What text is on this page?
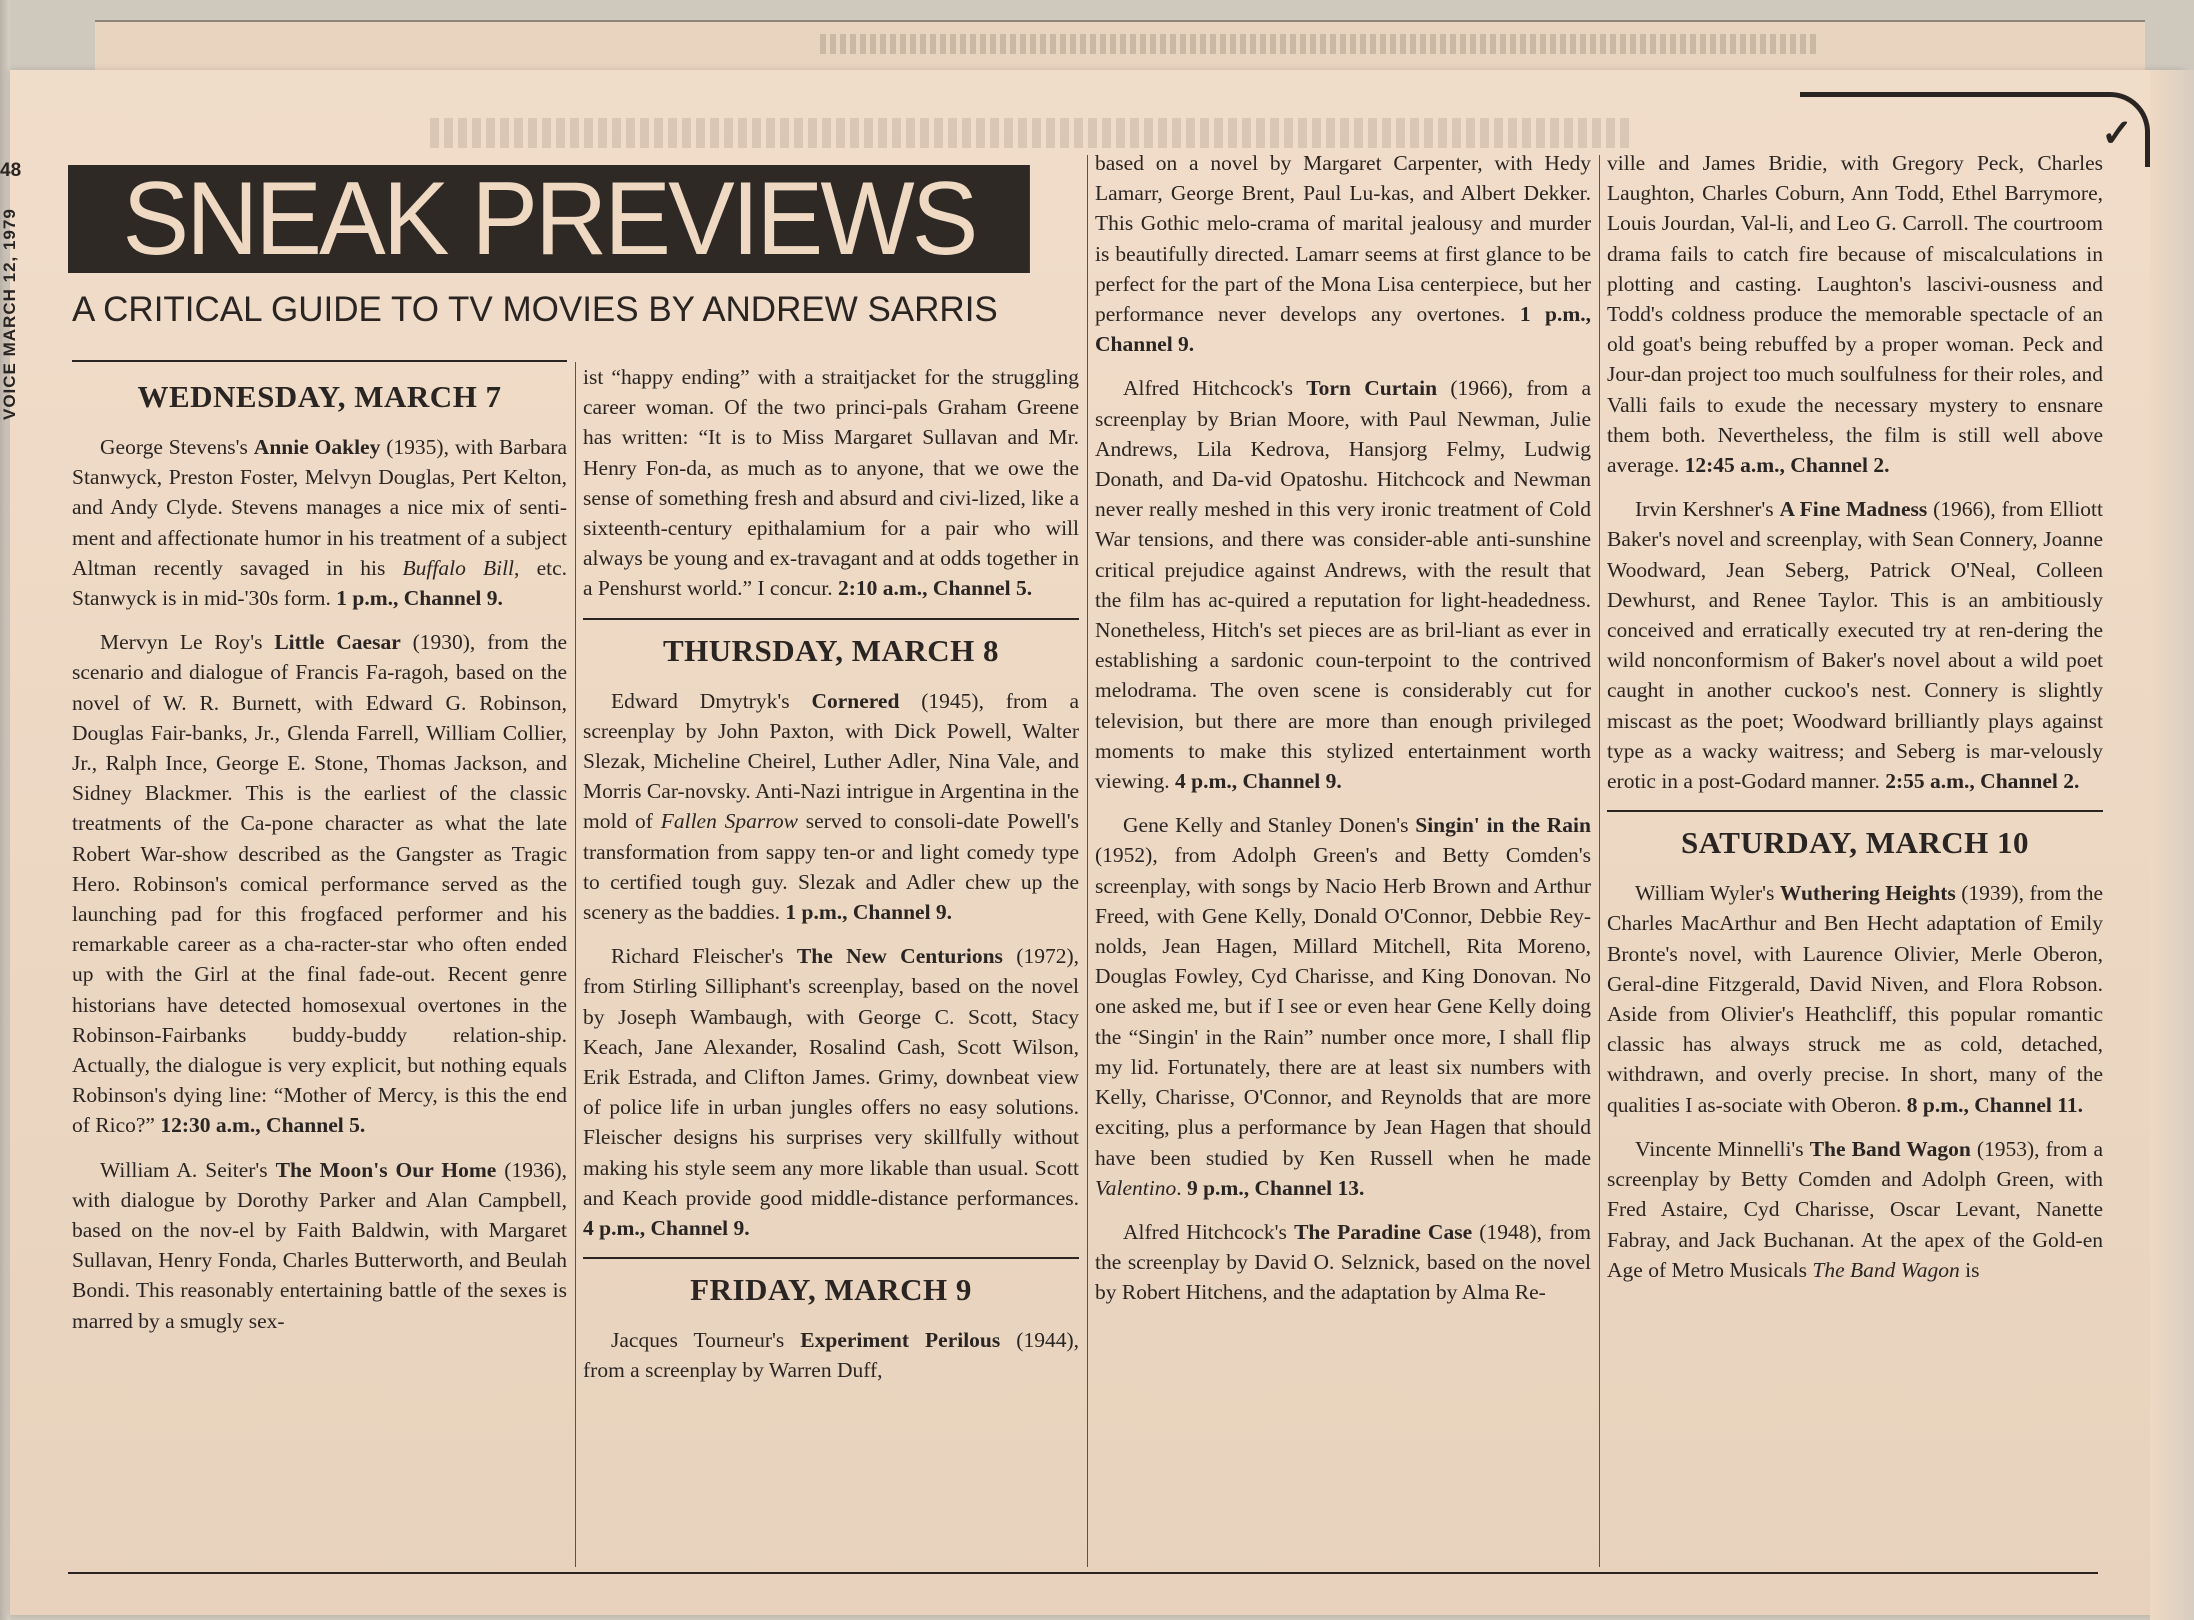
✓
48
VOICE MARCH 12, 1979 SNEAK PREVIEWS
A CRITICAL GUIDE TO TV MOVIES BY ANDREW SARRIS
WEDNESDAY, MARCH 7

George Stevens's Annie Oakley (1935), with Barbara Stanwyck, Preston Foster, Melvyn Douglas, Pert Kelton, and Andy Clyde. Stevens manages a nice mix of senti-ment and affectionate humor in his treatment of a subject Altman recently savaged in his Buffalo Bill, etc. Stanwyck is in mid-'30s form. 1 p.m., Channel 9.

Mervyn Le Roy's Little Caesar (1930), from the scenario and dialogue of Francis Fa-ragoh, based on the novel of W. R. Burnett, with Edward G. Robinson, Douglas Fair-banks, Jr., Glenda Farrell, William Collier, Jr., Ralph Ince, George E. Stone, Thomas Jackson, and Sidney Blackmer. This is the earliest of the classic treatments of the Ca-pone character as what the late Robert War-show described as the Gangster as Tragic Hero. Robinson's comical performance served as the launching pad for this frogfaced performer and his remarkable career as a cha-racter-star who often ended up with the Girl at the final fade-out. Recent genre historians have detected homosexual overtones in the Robinson-Fairbanks buddy-buddy relation-ship. Actually, the dialogue is very explicit, but nothing equals Robinson's dying line: “Mother of Mercy, is this the end of Rico?” 12:30 a.m., Channel 5.

William A. Seiter's The Moon's Our Home (1936), with dialogue by Dorothy Parker and Alan Campbell, based on the nov-el by Faith Baldwin, with Margaret Sullavan, Henry Fonda, Charles Butterworth, and Beulah Bondi. This reasonably entertaining battle of the sexes is marred by a smugly sex-

ist “happy ending” with a straitjacket for the struggling career woman. Of the two princi-pals Graham Greene has written: “It is to Miss Margaret Sullavan and Mr. Henry Fon-da, as much as to anyone, that we owe the sense of something fresh and absurd and civi-lized, like a sixteenth-century epithalamium for a pair who will always be young and ex-travagant and at odds together in a Penshurst world.” I concur. 2:10 a.m., Channel 5.

THURSDAY, MARCH 8

Edward Dmytryk's Cornered (1945), from a screenplay by John Paxton, with Dick Powell, Walter Slezak, Micheline Cheirel, Luther Adler, Nina Vale, and Morris Car-novsky. Anti-Nazi intrigue in Argentina in the mold of Fallen Sparrow served to consoli-date Powell's transformation from sappy ten-or and light comedy type to certified tough guy. Slezak and Adler chew up the scenery as the baddies. 1 p.m., Channel 9.

Richard Fleischer's The New Centurions (1972), from Stirling Silliphant's screenplay, based on the novel by Joseph Wambaugh, with George C. Scott, Stacy Keach, Jane Alexander, Rosalind Cash, Scott Wilson, Erik Estrada, and Clifton James. Grimy, downbeat view of police life in urban jungles offers no easy solutions. Fleischer designs his surprises very skillfully without making his style seem any more likable than usual. Scott and Keach provide good middle-distance performances. 4 p.m., Channel 9.

FRIDAY, MARCH 9

Jacques Tourneur's Experiment Perilous (1944), from a screenplay by Warren Duff,

based on a novel by Margaret Carpenter, with Hedy Lamarr, George Brent, Paul Lu-kas, and Albert Dekker. This Gothic melo-crama of marital jealousy and murder is beautifully directed. Lamarr seems at first glance to be perfect for the part of the Mona Lisa centerpiece, but her performance never develops any overtones. 1 p.m., Channel 9.

Alfred Hitchcock's Torn Curtain (1966), from a screenplay by Brian Moore, with Paul Newman, Julie Andrews, Lila Kedrova, Hansjorg Felmy, Ludwig Donath, and Da-vid Opatoshu. Hitchcock and Newman never really meshed in this very ironic treatment of Cold War tensions, and there was consider-able anti-sunshine critical prejudice against Andrews, with the result that the film has ac-quired a reputation for light-headedness. Nonetheless, Hitch's set pieces are as bril-liant as ever in establishing a sardonic coun-terpoint to the contrived melodrama. The oven scene is considerably cut for television, but there are more than enough privileged moments to make this stylized entertainment worth viewing. 4 p.m., Channel 9.

Gene Kelly and Stanley Donen's Singin' in the Rain (1952), from Adolph Green's and Betty Comden's screenplay, with songs by Nacio Herb Brown and Arthur Freed, with Gene Kelly, Donald O'Connor, Debbie Rey-nolds, Jean Hagen, Millard Mitchell, Rita Moreno, Douglas Fowley, Cyd Charisse, and King Donovan. No one asked me, but if I see or even hear Gene Kelly doing the “Singin' in the Rain” number once more, I shall flip my lid. Fortunately, there are at least six numbers with Kelly, Charisse, O'Connor, and Reynolds that are more exciting, plus a performance by Jean Hagen that should have been studied by Ken Russell when he made Valentino. 9 p.m., Channel 13.

Alfred Hitchcock's The Paradine Case (1948), from the screenplay by David O. Selznick, based on the novel by Robert Hitchens, and the adaptation by Alma Re-

ville and James Bridie, with Gregory Peck, Charles Laughton, Charles Coburn, Ann Todd, Ethel Barrymore, Louis Jourdan, Val-li, and Leo G. Carroll. The courtroom drama fails to catch fire because of miscalculations in plotting and casting. Laughton's lascivi-ousness and Todd's coldness produce the memorable spectacle of an old goat's being rebuffed by a proper woman. Peck and Jour-dan project too much soulfulness for their roles, and Valli fails to exude the necessary mystery to ensnare them both. Nevertheless, the film is still well above average. 12:45 a.m., Channel 2.

Irvin Kershner's A Fine Madness (1966), from Elliott Baker's novel and screenplay, with Sean Connery, Joanne Woodward, Jean Seberg, Patrick O'Neal, Colleen Dewhurst, and Renee Taylor. This is an ambitiously conceived and erratically executed try at ren-dering the wild nonconformism of Baker's novel about a wild poet caught in another cuckoo's nest. Connery is slightly miscast as the poet; Woodward brilliantly plays against type as a wacky waitress; and Seberg is mar-velously erotic in a post-Godard manner. 2:55 a.m., Channel 2.

SATURDAY, MARCH 10

William Wyler's Wuthering Heights (1939), from the Charles MacArthur and Ben Hecht adaptation of Emily Bronte's novel, with Laurence Olivier, Merle Oberon, Geral-dine Fitzgerald, David Niven, and Flora Robson. Aside from Olivier's Heathcliff, this popular romantic classic has always struck me as cold, detached, withdrawn, and overly precise. In short, many of the qualities I as-sociate with Oberon. 8 p.m., Channel 11.

Vincente Minnelli's The Band Wagon (1953), from a screenplay by Betty Comden and Adolph Green, with Fred Astaire, Cyd Charisse, Oscar Levant, Nanette Fabray, and Jack Buchanan. At the apex of the Gold-en Age of Metro Musicals The Band Wagon is
